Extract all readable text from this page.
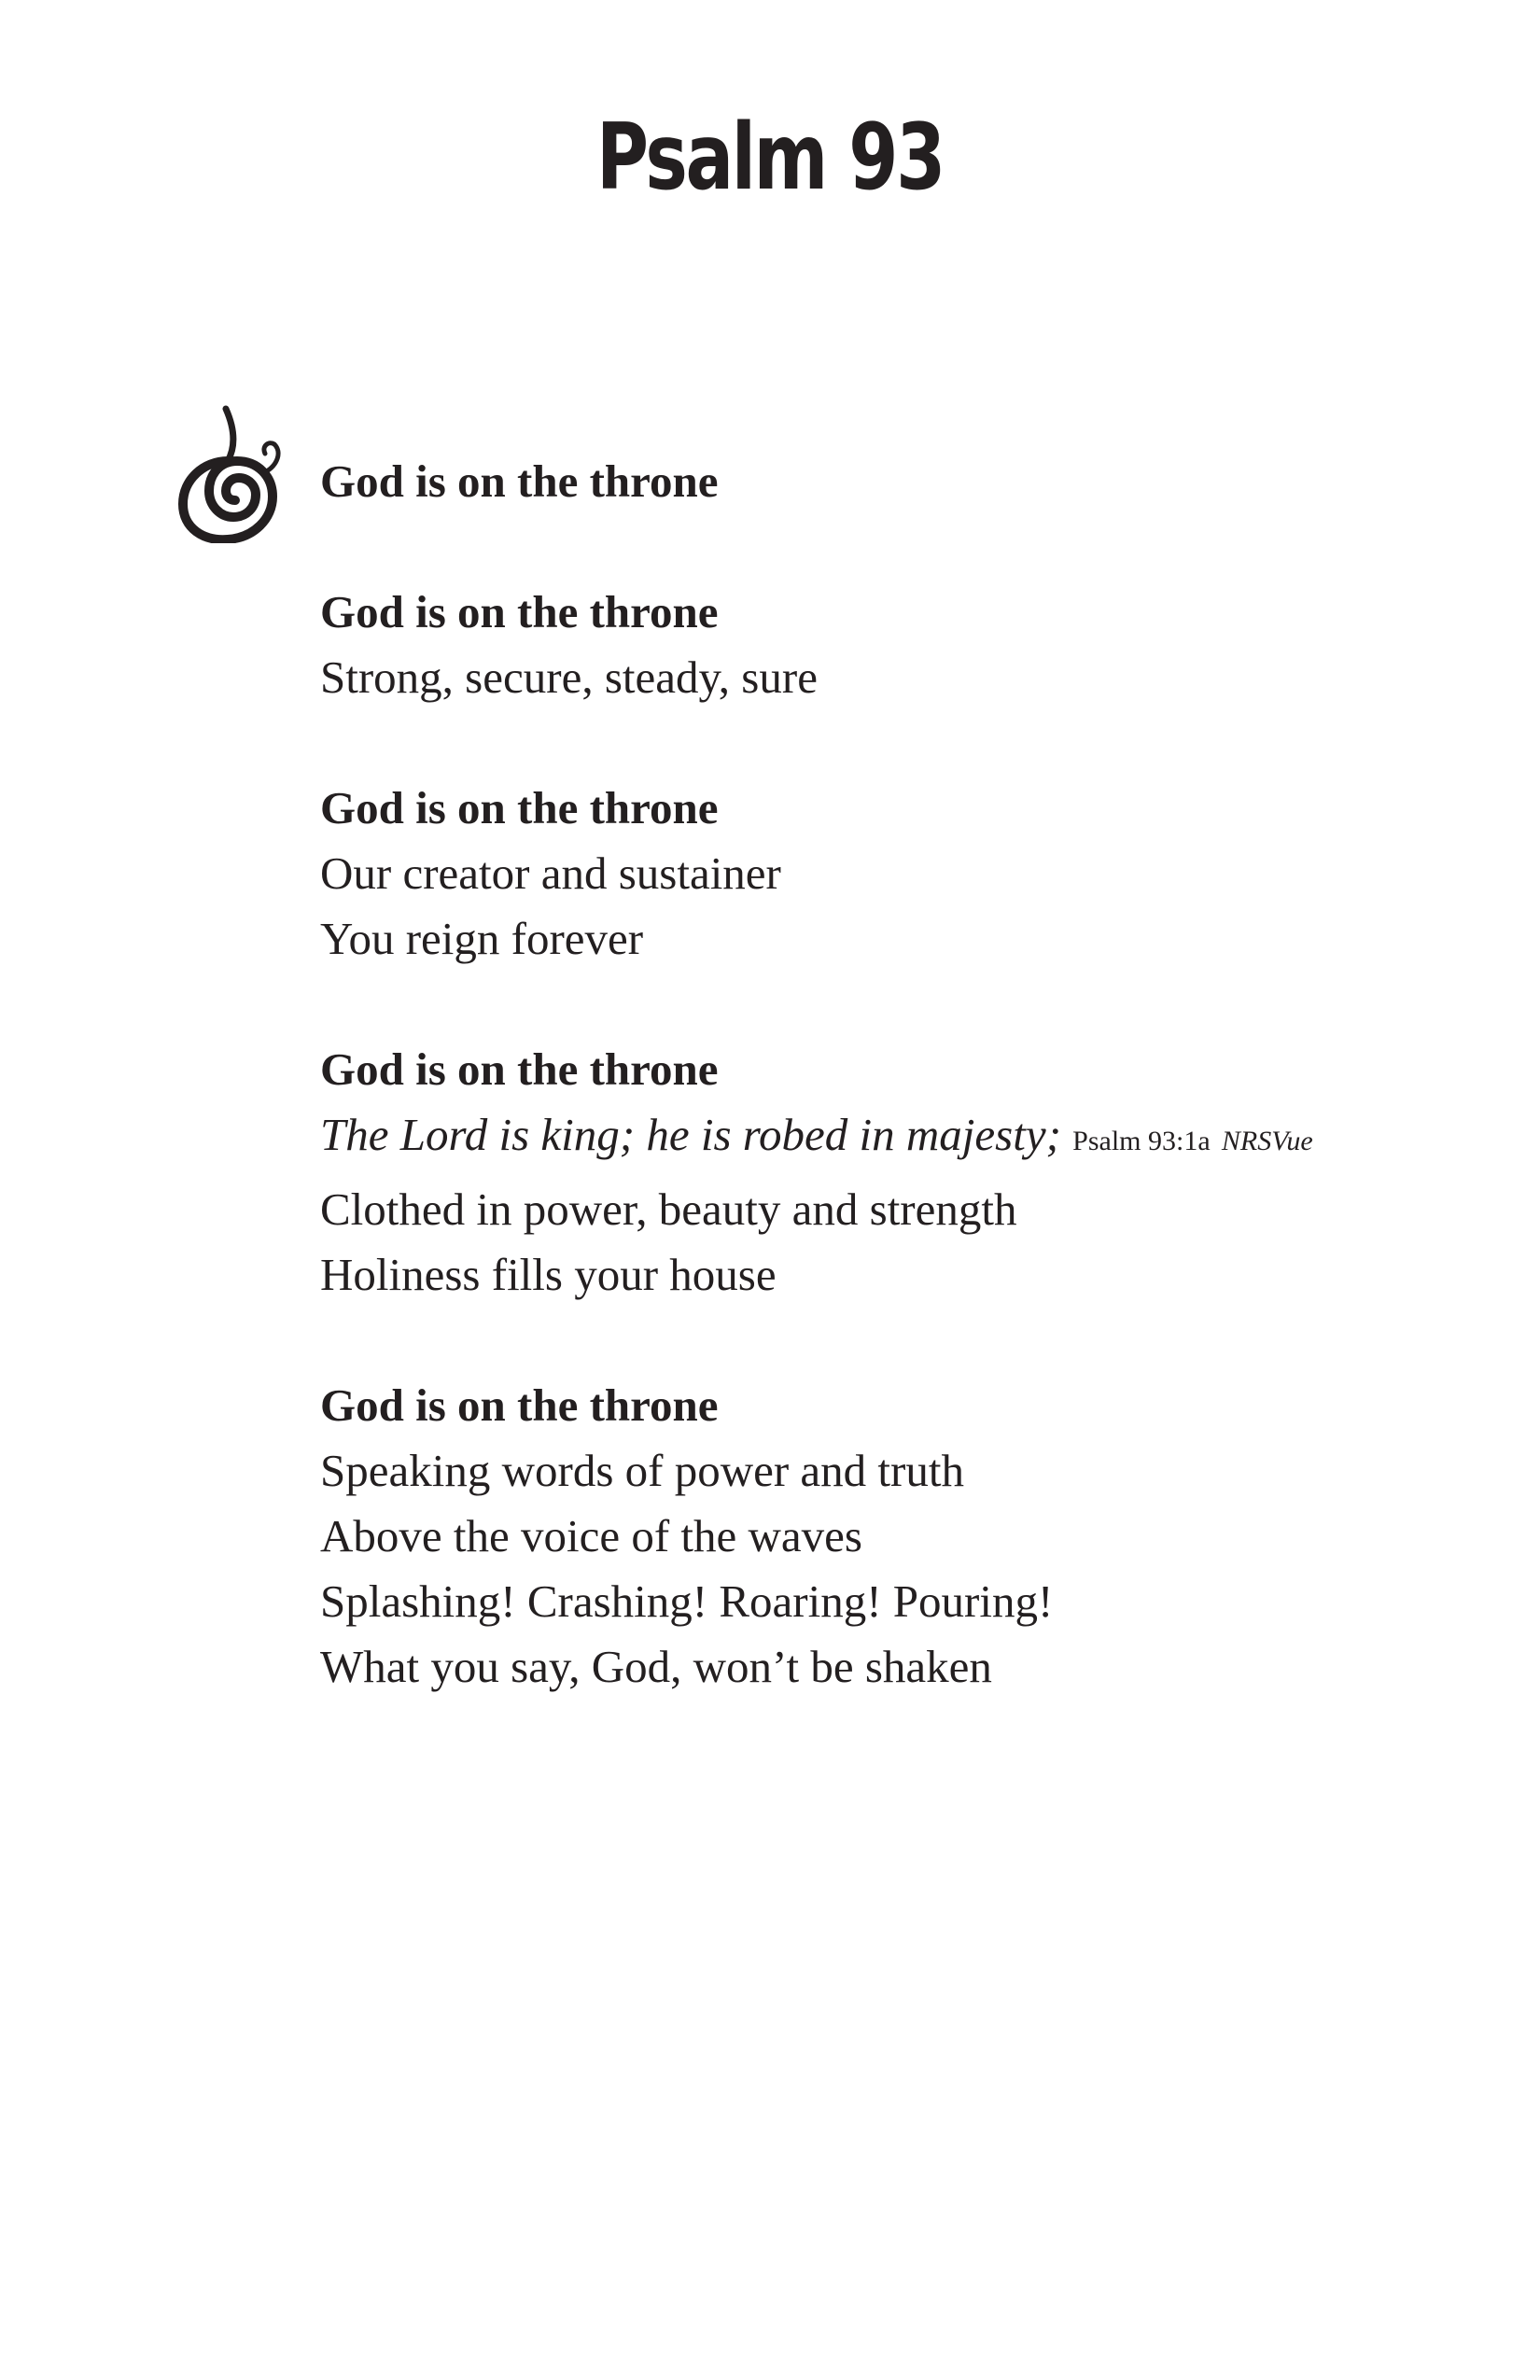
Psalm 93
God is on the throne
God is on the throne
Strong, secure, steady, sure
God is on the throne
Our creator and sustainer
You reign forever
God is on the throne
The Lord is king; he is robed in majesty; Psalm 93:1a NRSVue
Clothed in power, beauty and strength
Holiness fills your house
God is on the throne
Speaking words of power and truth
Above the voice of the waves
Splashing! Crashing! Roaring! Pouring!
What you say, God, won’t be shaken
